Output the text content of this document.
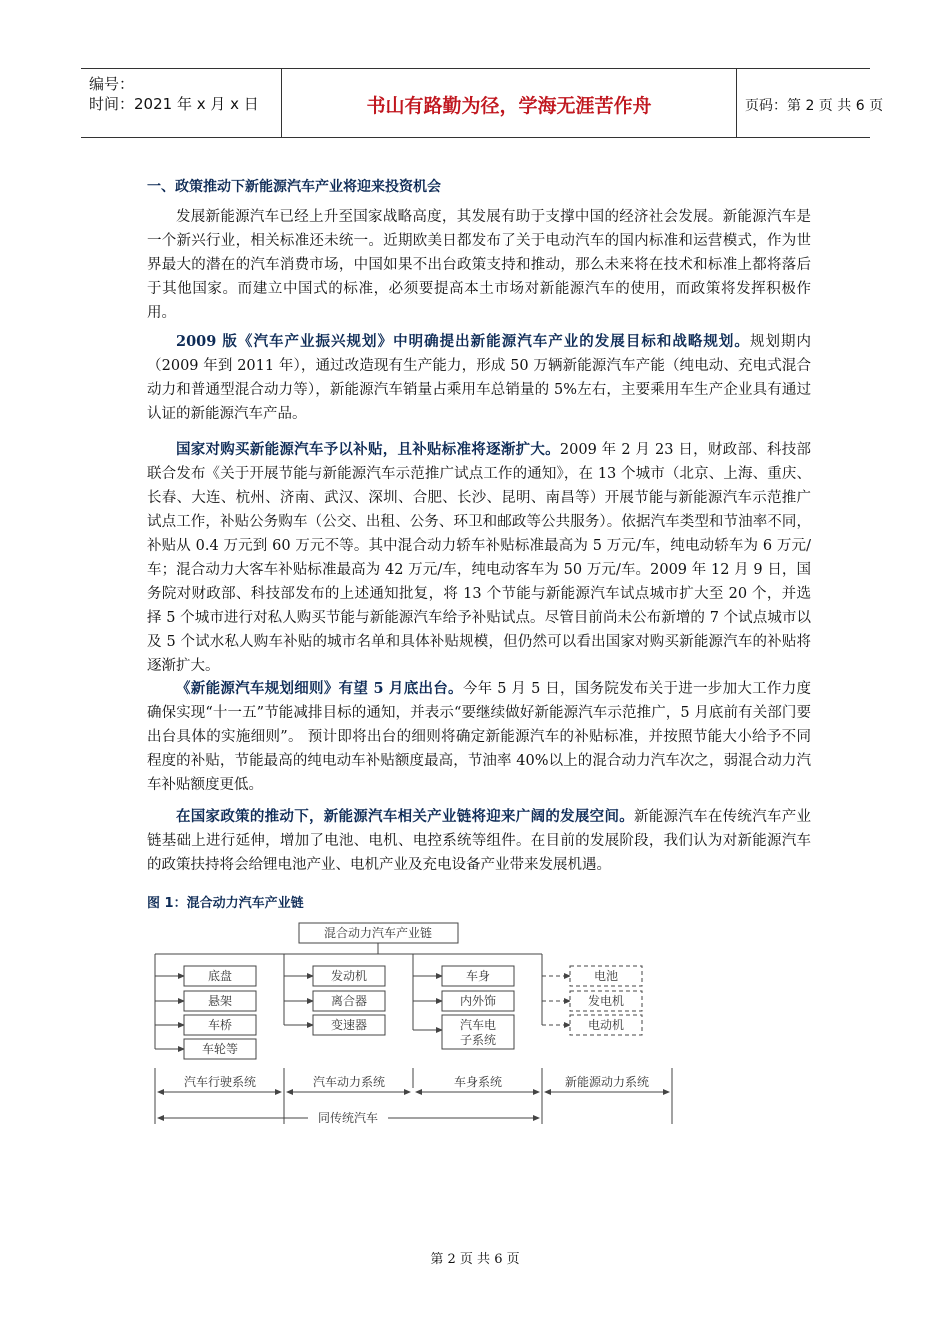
编号：
时间：2021 年 x 月 x 日	书山有路勤为径，学海无涯苦作舟	页码：第 2 页 共 6 页
一、政策推动下新能源汽车产业将迎来投资机会

发展新能源汽车已经上升至国家战略高度，其发展有助于支撑中国的经济社会发展。新能源汽车是一个新兴行业，相关标准还未统一。近期欧美日都发布了关于电动汽车的国内标准和运营模式，作为世界最大的潜在的汽车消费市场，中国如果不出台政策支持和推动，那么未来将在技术和标准上都将落后于其他国家。而建立中国式的标准，必须要提高本土市场对新能源汽车的使用，而政策将发挥积极作用。

2009 版《汽车产业振兴规划》中明确提出新能源汽车产业的发展目标和战略规划。规划期内（2009 年到 2011 年），通过改造现有生产能力，形成 50 万辆新能源汽车产能（纯电动、充电式混合动力和普通型混合动力等），新能源汽车销量占乘用车总销量的 5%左右，主要乘用车生产企业具有通过认证的新能源汽车产品。

国家对购买新能源汽车予以补贴，且补贴标准将逐渐扩大。2009 年 2 月 23 日，财政部、科技部联合发布《关于开展节能与新能源汽车示范推广试点工作的通知》，在 13 个城市（北京、上海、重庆、长春、大连、杭州、济南、武汉、深圳、合肥、长沙、昆明、南昌等）开展节能与新能源汽车示范推广试点工作，补贴公务购车（公交、出租、公务、环卫和邮政等公共服务）。依据汽车类型和节油率不同，补贴从 0.4 万元到 60 万元不等。其中混合动力轿车补贴标准最高为 5 万元/车，纯电动轿车为 6 万元/车；混合动力大客车补贴标准最高为 42 万元/车，纯电动客车为 50 万元/车。2009 年 12 月 9 日，国务院对财政部、科技部发布的上述通知批复，将 13 个节能与新能源汽车试点城市扩大至 20 个，并选择 5 个城市进行对私人购买节能与新能源汽车给予补贴试点。尽管目前尚未公布新增的 7 个试点城市以及 5 个试水私人购车补贴的城市名单和具体补贴规模，但仍然可以看出国家对购买新能源汽车的补贴将逐渐扩大。

《新能源汽车规划细则》有望 5 月底出台。今年 5 月 5 日，国务院发布关于进一步加大工作力度确保实现“十一五”节能减排目标的通知，并表示“要继续做好新能源汽车示范推广，5 月底前有关部门要出台具体的实施细则”。 预计即将出台的细则将确定新能源汽车的补贴标准，并按照节能大小给予不同程度的补贴，节能最高的纯电动车补贴额度最高，节油率 40%以上的混合动力汽车次之，弱混合动力汽车补贴额度更低。

在国家政策的推动下，新能源汽车相关产业链将迎来广阔的发展空间。新能源汽车在传统汽车产业链基础上进行延伸，增加了电池、电机、电控系统等组件。在目前的发展阶段，我们认为对新能源汽车的政策扶持将会给锂电池产业、电机产业及充电设备产业带来发展机遇。

图 1：混合动力汽车产业链
混合动力汽车产业链
底盘
悬架
车桥
车轮等
发动机
离合器
变速器
车身
内外饰
汽车电
子系统
电池
发电机
电动机
汽车行驶系统	汽车动力系统	车身系统	新能源动力系统
同传统汽车
第 2 页 共 6 页
